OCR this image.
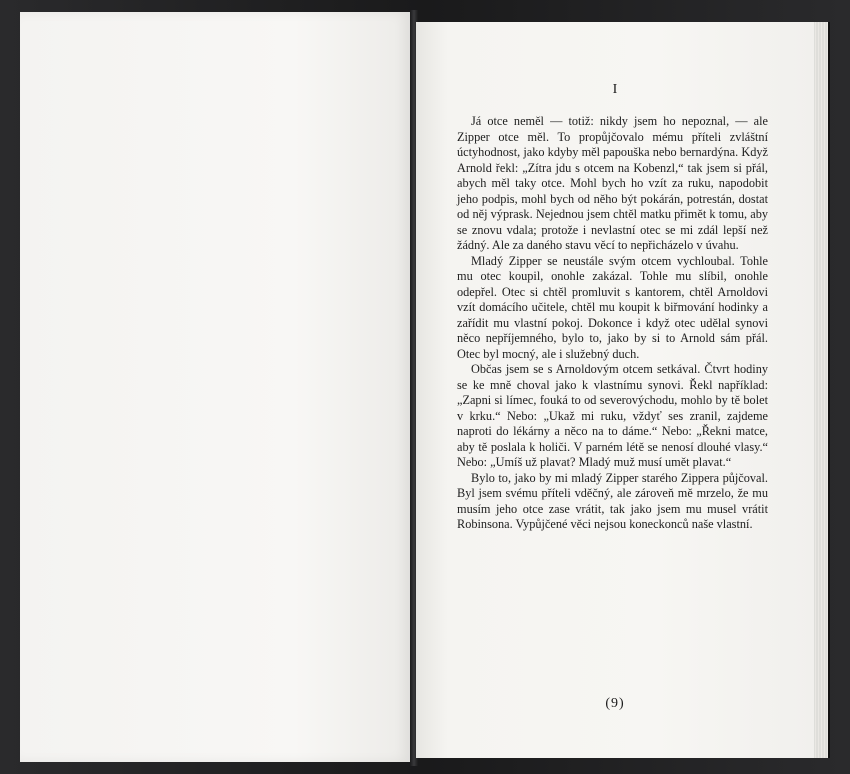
I

Já otce neměl — totiž: nikdy jsem ho nepoznal, — ale Zipper otce měl. To propůjčovalo mému příteli zvláštní úctyhodnost, jako kdyby měl papouška nebo bernardýna. Když Arnold řekl: „Zítra jdu s otcem na Kobenzl,“ tak jsem si přál, abych měl taky otce. Mohl bych ho vzít za ruku, napodobit jeho podpis, mohl bych od něho být pokárán, potrestán, dostat od něj výprask. Nejednou jsem chtěl matku přimět k tomu, aby se znovu vdala; protože i nevlastní otec se mi zdál lepší než žádný. Ale za daného stavu věcí to nepřicházelo v úvahu.

Mladý Zipper se neustále svým otcem vychloubal. Tohle mu otec koupil, onohle zakázal. Tohle mu slíbil, onohle odepřel. Otec si chtěl promluvit s kantorem, chtěl Arnoldovi vzít domácího učitele, chtěl mu koupit k biřmování hodinky a zařídit mu vlastní pokoj. Dokonce i když otec udělal synovi něco nepříjemného, bylo to, jako by si to Arnold sám přál. Otec byl mocný, ale i služebný duch.

Občas jsem se s Arnoldovým otcem setkával. Čtvrt hodiny se ke mně choval jako k vlastnímu synovi. Řekl například: „Zapni si límec, fouká to od severovýchodu, mohlo by tě bolet v krku.“ Nebo: „Ukaž mi ruku, vždyť ses zranil, zajdeme naproti do lékárny a něco na to dáme.“ Nebo: „Řekni matce, aby tě poslala k holiči. V parném létě se nenosí dlouhé vlasy.“ Nebo: „Umíš už plavat? Mladý muž musí umět plavat.“

Bylo to, jako by mi mladý Zipper starého Zippera půjčoval. Byl jsem svému příteli vděčný, ale zároveň mě mrzelo, že mu musím jeho otce zase vrátit, tak jako jsem mu musel vrátit Robinsona. Vypůjčené věci nejsou koneckonců naše vlastní.

(9)
